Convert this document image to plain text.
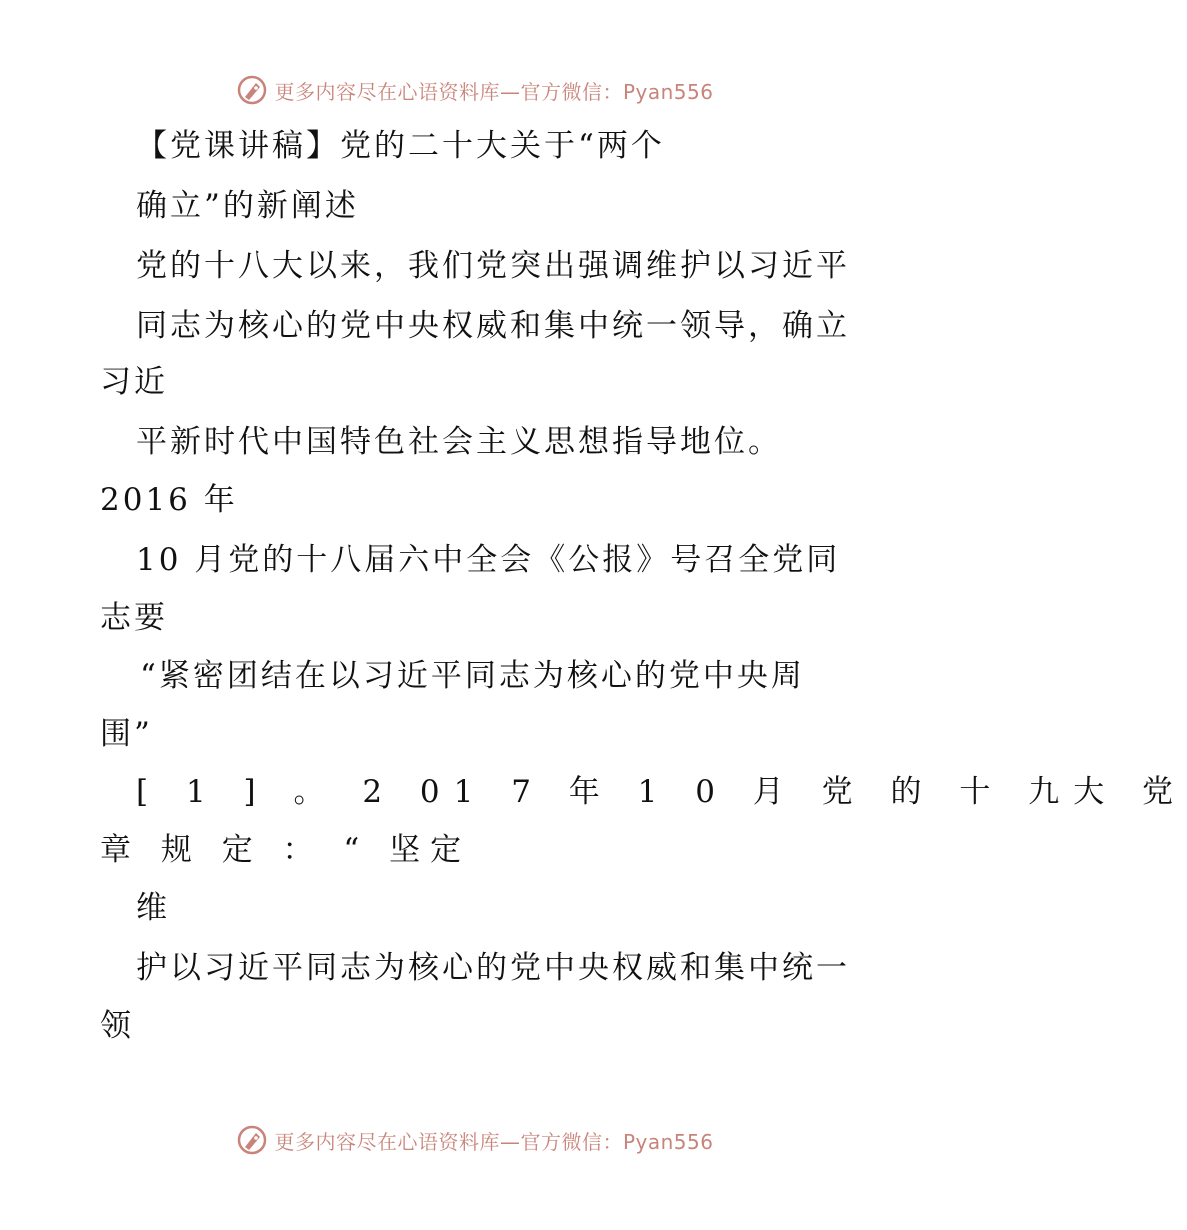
更多内容尽在心语资料库—官方微信：Pyan556
【党课讲稿】党的二十大关于“两个
确立”的新阐述
党的十八大以来，我们党突出强调维护以习近平
同志为核心的党中央权威和集中统一领导，确立
习近
平新时代中国特色社会主义思想指导地位。
2016 年
10 月党的十八届六中全会《公报》号召全党同
志要
“紧密团结在以习近平同志为核心的党中央周
围”
[ 1 ] 。 2 01 7 年 1 0 月 党 的 十 九大 党
章 规 定 ： “ 坚定
维
护以习近平同志为核心的党中央权威和集中统一
领
更多内容尽在心语资料库—官方微信：Pyan556
